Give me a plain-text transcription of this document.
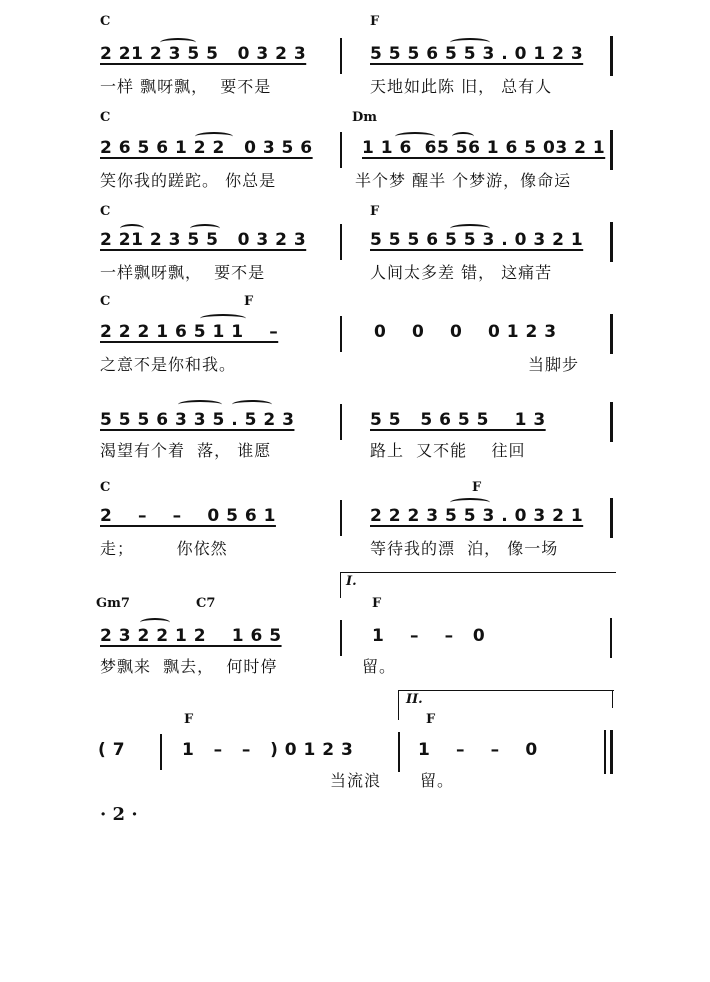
C	F
2 21 2 3 5 5   0 3 2 3	5 5 5 6 5 5 3 . 0 1 2 3
一样 飘呀飘，  要不是	天地如此陈 旧， 总有人
C	Dm
2 6 5 6 1 2 2   0 3 5 6	1 1 6  65 56 1 6 5 03 2 1
笑你我的蹉跎。 你总是	半个梦 醒半 个梦游，像命运
C	F
2 21 2 3 5 5   0 3 2 3	5 5 5 6 5 5 3 . 0 3 2 1
一样飘呀飘，  要不是	人间太多差 错， 这痛苦
C	F
2 2 2 1 6 5 1 1    –	0    0    0    0 1 2 3
之意不是你和我。	当脚步
5 5 5 6 3 3 5 . 5 2 3	5 5   5 6 5 5    1 3
渴望有个着  落， 谁愿	路上  又不能    往回
C	F
2    –    –    0 5 6 1	2 2 2 3 5 5 3 . 0 3 2 1
走；       你依然	等待我的漂  泊， 像一场
I.
Gm7	C7	F
2 3 2 2 1 2    1 6 5	1    –    –   0
梦飘来  飘去，  何时停	留。
II.
F	F
( 7	1   –   –   ) 0 1 2 3	1    –    –    0
当流浪 留。
· 2 ·
